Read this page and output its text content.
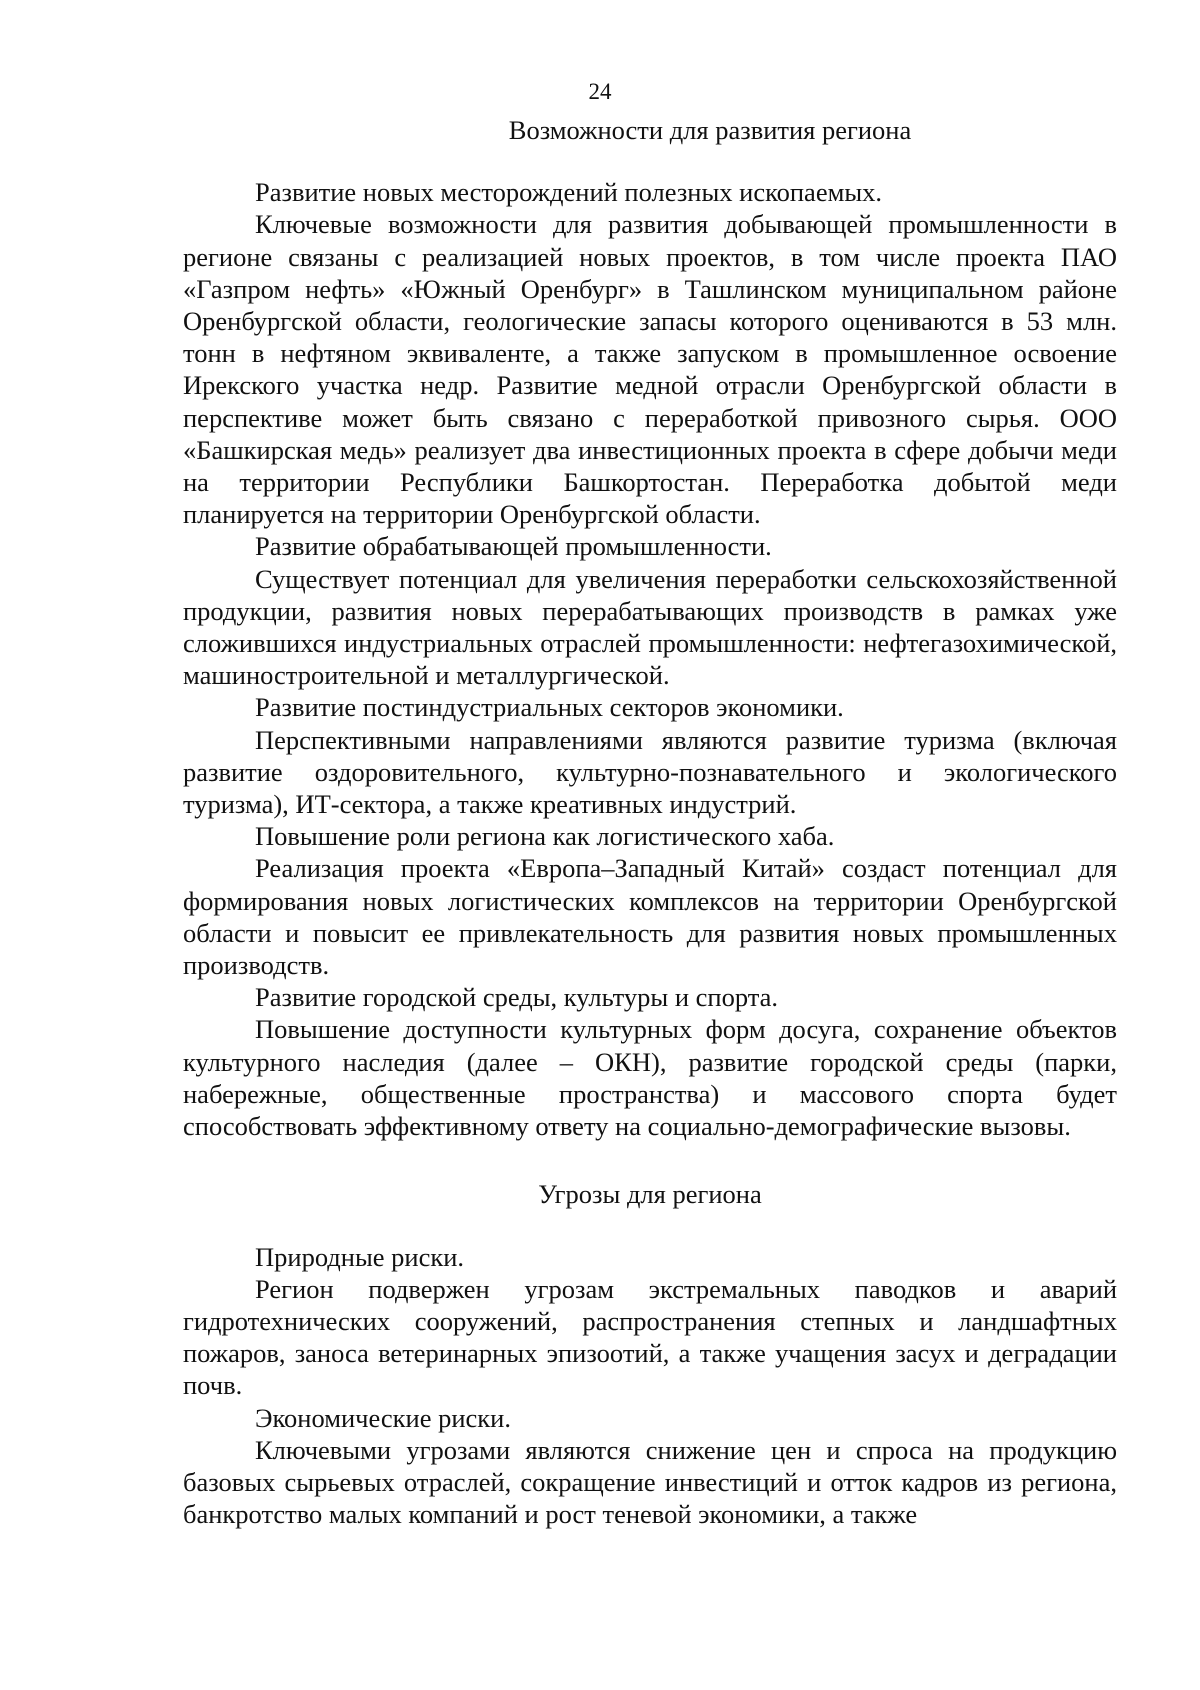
24
Возможности для развития региона

Развитие новых месторождений полезных ископаемых.

Ключевые возможности для развития добывающей промышленности в регионе связаны с реализацией новых проектов, в том числе проекта ПАО «Газпром нефть» «Южный Оренбург» в Ташлинском муниципальном районе Оренбургской области, геологические запасы которого оцениваются в 53 млн. тонн в нефтяном эквиваленте, а также запуском в промышленное освоение Ирекского участка недр. Развитие медной отрасли Оренбургской области в перспективе может быть связано с переработкой привозного сырья. ООО «Башкирская медь» реализует два инвестиционных проекта в сфере добычи меди на территории Республики Башкортостан. Переработка добытой меди планируется на территории Оренбургской области.

Развитие обрабатывающей промышленности.

Существует потенциал для увеличения переработки сельскохозяйственной продукции, развития новых перерабатывающих производств в рамках уже сложившихся индустриальных отраслей промышленности: нефтегазохимической, машиностроительной и металлургической.

Развитие постиндустриальных секторов экономики.

Перспективными направлениями являются развитие туризма (включая развитие оздоровительного, культурно-познавательного и экологического туризма), ИТ-сектора, а также креативных индустрий.

Повышение роли региона как логистического хаба.

Реализация проекта «Европа–Западный Китай» создаст потенциал для формирования новых логистических комплексов на территории Оренбургской области и повысит ее привлекательность для развития новых промышленных производств.

Развитие городской среды, культуры и спорта.

Повышение доступности культурных форм досуга, сохранение объектов культурного наследия (далее – ОКН), развитие городской среды (парки, набережные, общественные пространства) и массового спорта будет способствовать эффективному ответу на социально-демографические вызовы.

Угрозы для региона

Природные риски.

Регион подвержен угрозам экстремальных паводков и аварий гидротехнических сооружений, распространения степных и ландшафтных пожаров, заноса ветеринарных эпизоотий, а также учащения засух и деградации почв.

Экономические риски.

Ключевыми угрозами являются снижение цен и спроса на продукцию базовых сырьевых отраслей, сокращение инвестиций и отток кадров из региона, банкротство малых компаний и рост теневой экономики, а также
